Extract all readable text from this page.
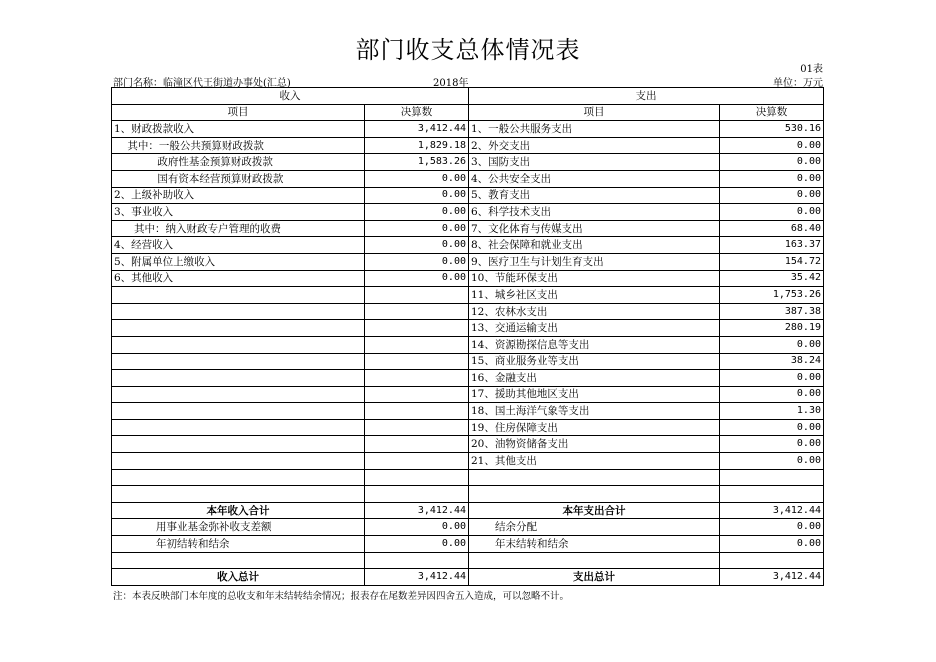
部门收支总体情况表
01表
部门名称：临潼区代王街道办事处(汇总)	2018年	单位：万元
收入		支出	
项目	决算数	项目	决算数
1、财政拨款收入	3,412.44	1、一般公共服务支出	530.16
其中：一般公共预算财政拨款	1,829.18	2、外交支出	0.00
政府性基金预算财政拨款	1,583.26	3、国防支出	0.00
国有资本经营预算财政拨款	0.00	4、公共安全支出	0.00
2、上级补助收入	0.00	5、教育支出	0.00
3、事业收入	0.00	6、科学技术支出	0.00
其中：纳入财政专户管理的收费	0.00	7、文化体育与传媒支出	68.40
4、经营收入	0.00	8、社会保障和就业支出	163.37
5、附属单位上缴收入	0.00	9、医疗卫生与计划生育支出	154.72
6、其他收入	0.00	10、节能环保支出	35.42
		11、城乡社区支出	1,753.26
		12、农林水支出	387.38
		13、交通运输支出	280.19
		14、资源勘探信息等支出	0.00
		15、商业服务业等支出	38.24
		16、金融支出	0.00
		17、援助其他地区支出	0.00
		18、国土海洋气象等支出	1.30
		19、住房保障支出	0.00
		20、油物资储备支出	0.00
		21、其他支出	0.00

本年收入合计	3,412.44	本年支出合计	3,412.44
用事业基金弥补收支差额	0.00	结余分配	0.00
年初结转和结余	0.00	年末结转和结余	0.00

收入总计	3,412.44	支出总计	3,412.44
注：本表反映部门本年度的总收支和年末结转结余情况；报表存在尾数差异因四舍五入造成，可以忽略不计。
